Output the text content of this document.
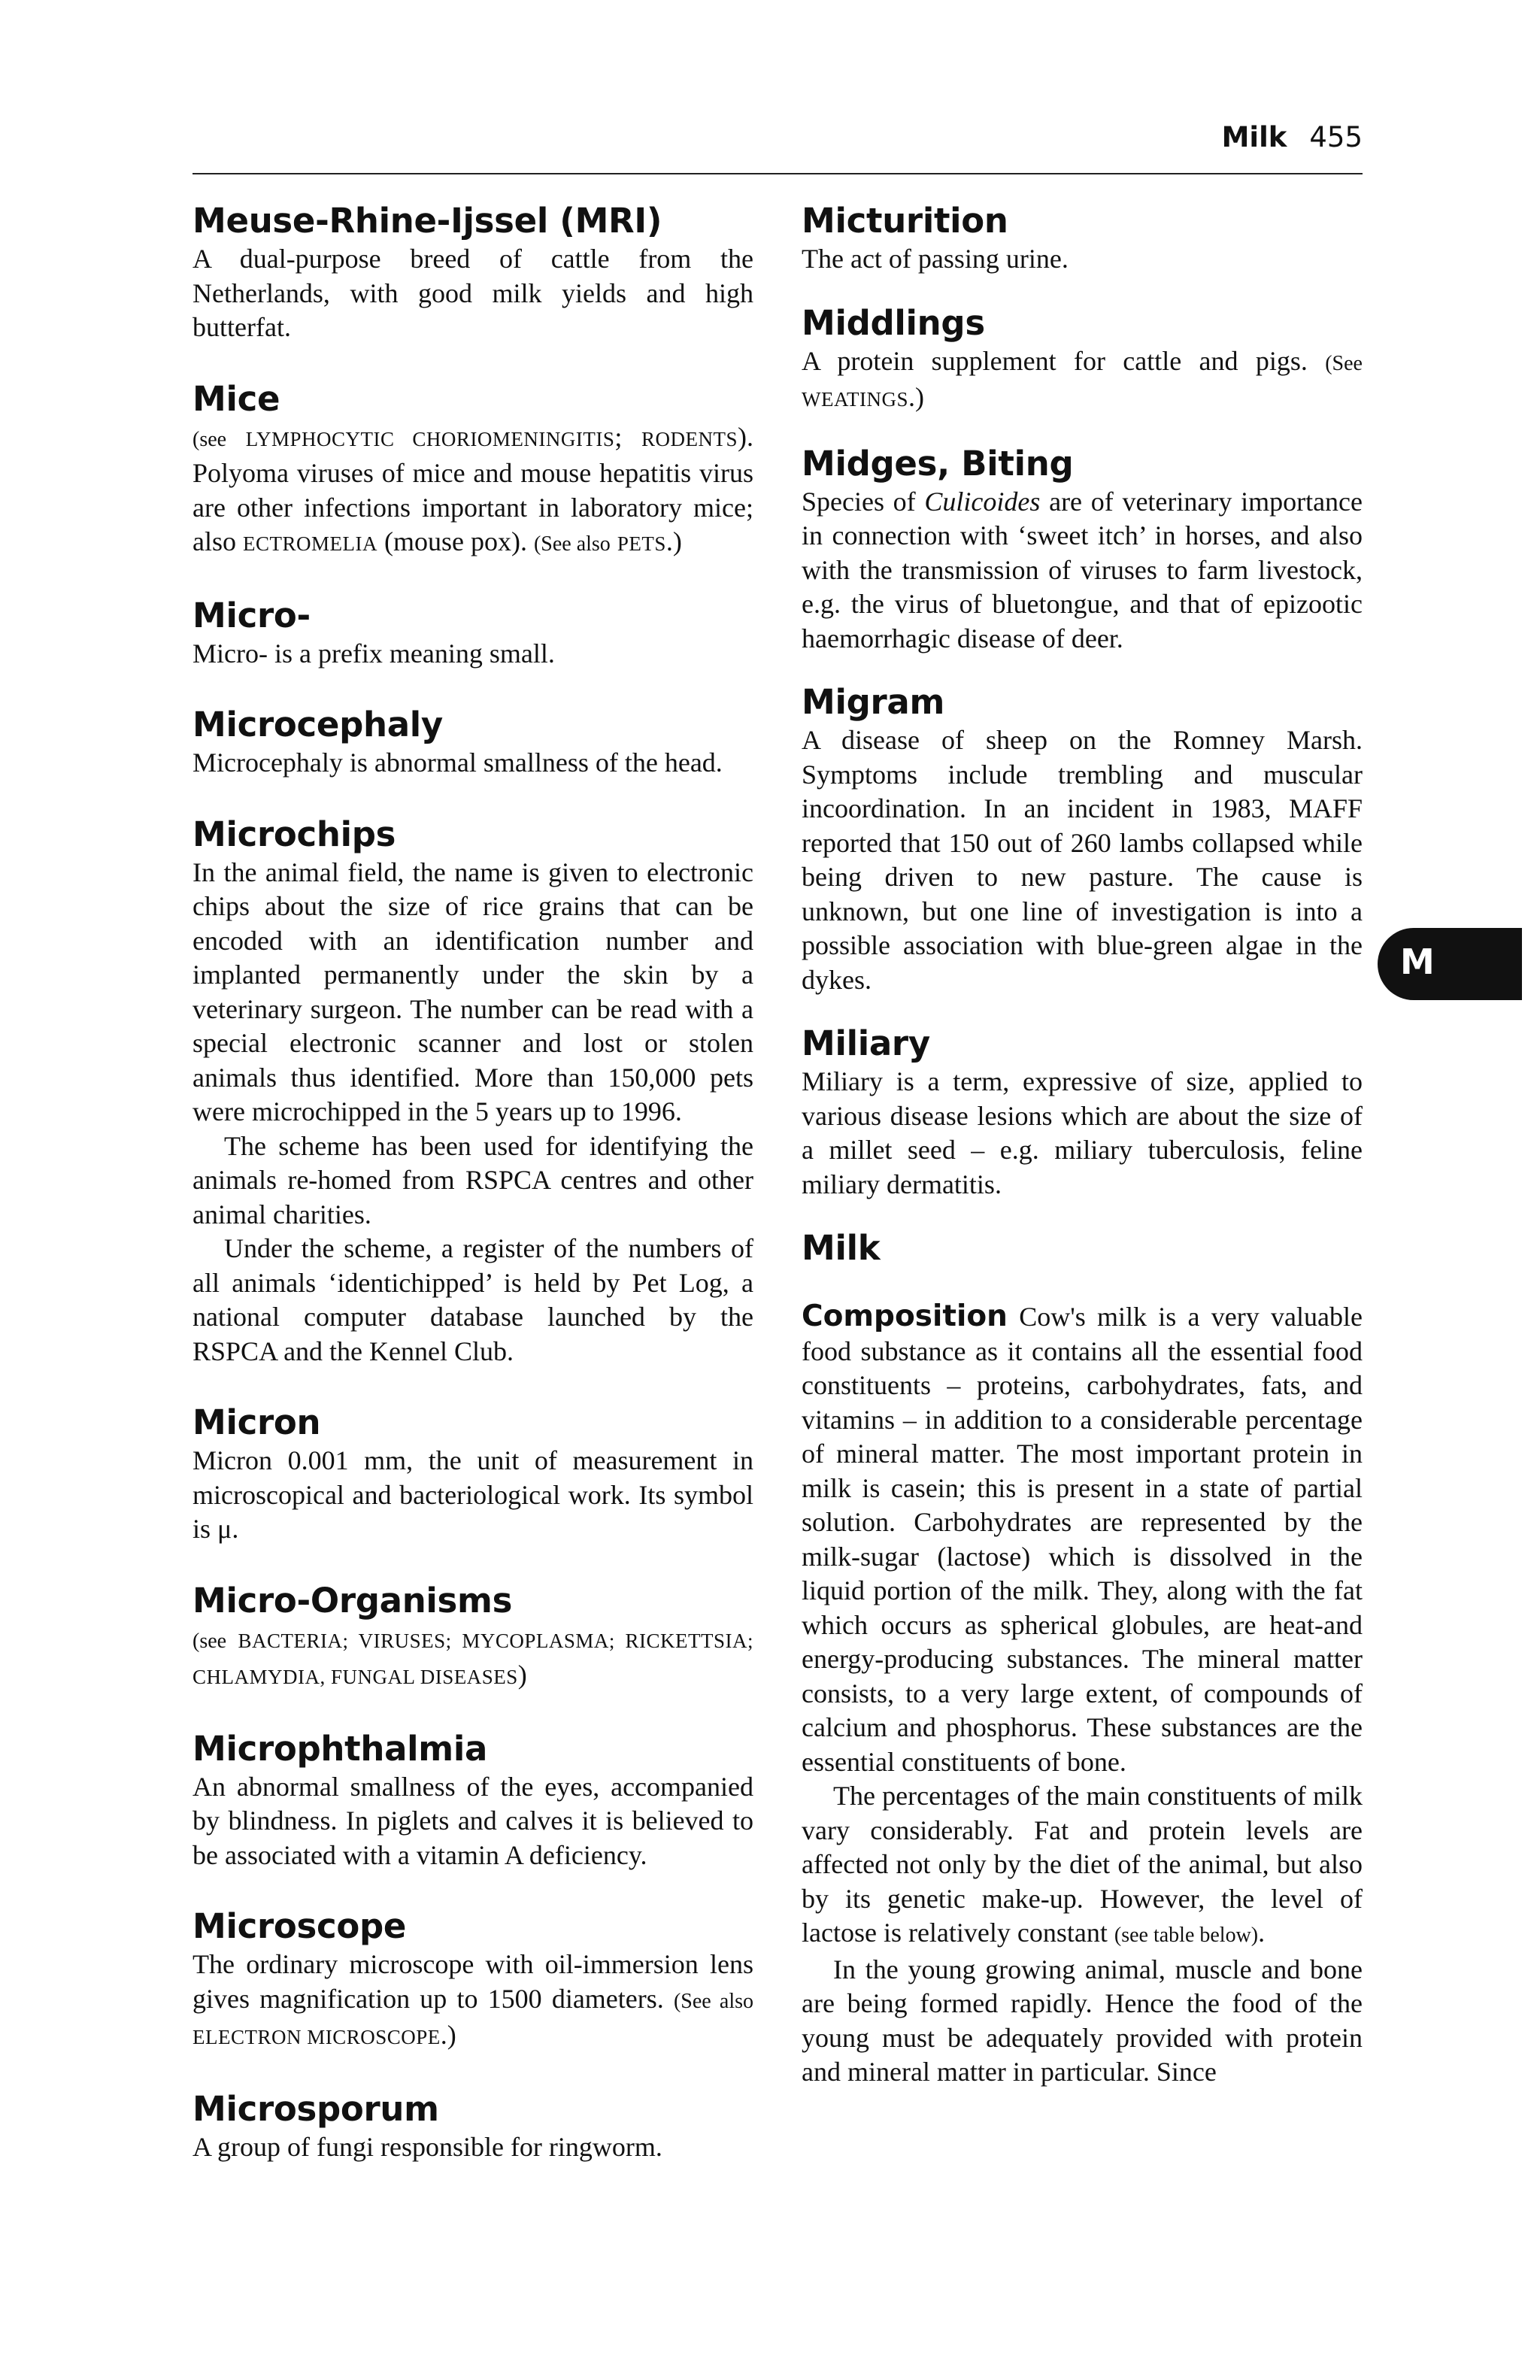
Milk 455
Meuse-Rhine-Ijssel (MRI)

A dual-purpose breed of cattle from the Netherlands, with good milk yields and high butterfat.

Mice

(see LYMPHOCYTIC CHORIOMENINGITIS; RODENTS). Polyoma viruses of mice and mouse hepatitis virus are other infections important in laboratory mice; also ECTROMELIA (mouse pox). (See also PETS.)

Micro-

Micro- is a prefix meaning small.

Microcephaly

Microcephaly is abnormal smallness of the head.

Microchips

In the animal field, the name is given to electronic chips about the size of rice grains that can be encoded with an identification number and implanted permanently under the skin by a veterinary surgeon. The number can be read with a special electronic scanner and lost or stolen animals thus identified. More than 150,000 pets were microchipped in the 5 years up to 1996.

The scheme has been used for identifying the animals re-homed from RSPCA centres and other animal charities.

Under the scheme, a register of the numbers of all animals ‘identichipped’ is held by Pet Log, a national computer database launched by the RSPCA and the Kennel Club.

Micron

Micron 0.001 mm, the unit of measurement in microscopical and bacteriological work. Its symbol is μ.

Micro-Organisms

(see BACTERIA; VIRUSES; MYCOPLASMA; RICKETTSIA; CHLAMYDIA, FUNGAL DISEASES)

Microphthalmia

An abnormal smallness of the eyes, accompanied by blindness. In piglets and calves it is believed to be associated with a vitamin A deficiency.

Microscope

The ordinary microscope with oil-immersion lens gives magnification up to 1500 diameters. (See also ELECTRON MICROSCOPE.)

Microsporum

A group of fungi responsible for ringworm.

Micturition

The act of passing urine.

Middlings

A protein supplement for cattle and pigs. (See WEATINGS.)

Midges, Biting

Species of Culicoides are of veterinary importance in connection with ‘sweet itch’ in horses, and also with the transmission of viruses to farm livestock, e.g. the virus of bluetongue, and that of epizootic haemorrhagic disease of deer.

Migram

A disease of sheep on the Romney Marsh. Symptoms include trembling and muscular incoordination. In an incident in 1983, MAFF reported that 150 out of 260 lambs collapsed while being driven to new pasture. The cause is unknown, but one line of investigation is into a possible association with blue-green algae in the dykes.

Miliary

Miliary is a term, expressive of size, applied to various disease lesions which are about the size of a millet seed – e.g. miliary tuberculosis, feline miliary dermatitis.

Milk

Composition Cow's milk is a very valuable food substance as it contains all the essential food constituents – proteins, carbohydrates, fats, and vitamins – in addition to a considerable percentage of mineral matter. The most important protein in milk is casein; this is present in a state of partial solution. Carbohydrates are represented by the milk-sugar (lactose) which is dissolved in the liquid portion of the milk. They, along with the fat which occurs as spherical globules, are heat-and energy-producing substances. The mineral matter consists, to a very large extent, of compounds of calcium and phosphorus. These substances are the essential constituents of bone.

The percentages of the main constituents of milk vary considerably. Fat and protein levels are affected not only by the diet of the animal, but also by its genetic make-up. However, the level of lactose is relatively constant (see table below).

In the young growing animal, muscle and bone are being formed rapidly. Hence the food of the young must be adequately provided with protein and mineral matter in particular. Since

M
